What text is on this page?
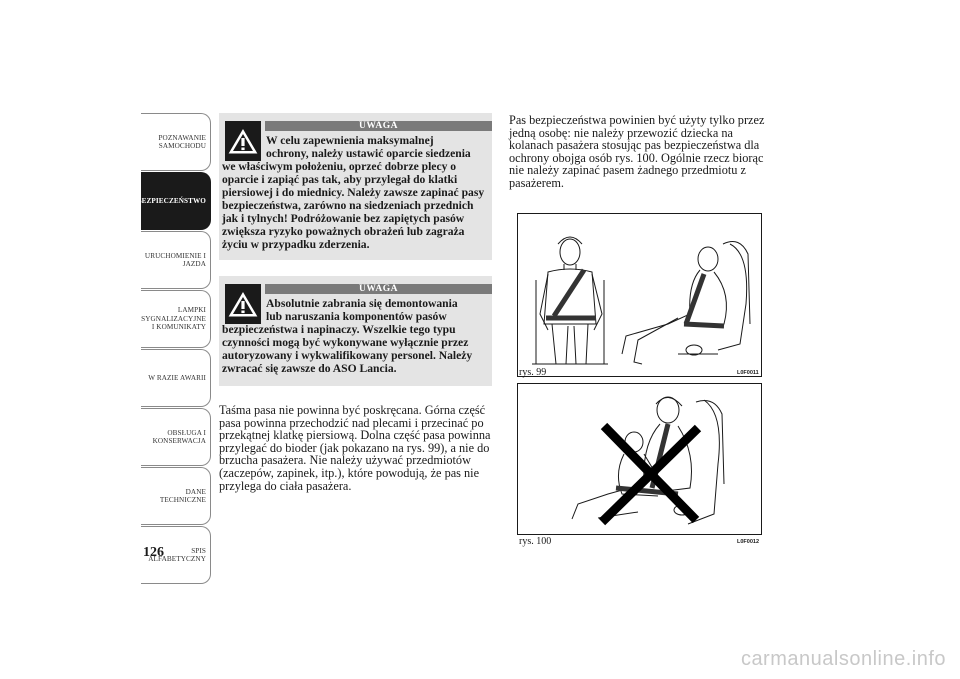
POZNAWANIE
SAMOCHODU
BEZPIECZEŃSTWO
URUCHOMIENIE I
JAZDA
LAMPKI
SYGNALIZACYJNE
I KOMUNIKATY
W RAZIE AWARII
OBSŁUGA I
KONSERWACJA
DANE
TECHNICZNE
SPIS
ALFABETYCZNY
126
UWAGA
W celu zapewnienia maksymalnej
ochrony, należy ustawić oparcie siedzenia
we właściwym położeniu, oprzeć dobrze plecy o oparcie i zapiąć pas tak, aby przylegał do klatki piersiowej i do miednicy. Należy zawsze zapinać pasy bezpieczeństwa, zarówno na siedzeniach przednich jak i tylnych! Podróżowanie bez zapiętych pasów zwiększa ryzyko poważnych obrażeń lub zagraża życiu w przypadku zderzenia.
UWAGA
Absolutnie zabrania się demontowania
lub naruszania komponentów pasów
bezpieczeństwa i napinaczy. Wszelkie tego typu czynności mogą być wykonywane wyłącznie przez autoryzowany i wykwalifikowany personel. Należy zwracać się zawsze do ASO Lancia.
Taśma pasa nie powinna być poskręcana. Górna część pasa powinna przechodzić nad plecami i przecinać po przekątnej klatkę piersiową. Dolna część pasa powinna przylegać do bioder (jak pokazano na rys. 99), a nie do brzucha pasażera. Nie należy używać przedmiotów (zaczepów, zapinek, itp.), które powodują, że pas nie przylega do ciała pasażera.
Pas bezpieczeństwa powinien być użyty tylko przez jedną osobę: nie należy przewozić dziecka na kolanach pasażera stosując pas bezpieczeństwa dla ochrony obojga osób rys. 100. Ogólnie rzecz biorąc nie należy zapinać pasem żadnego przedmiotu z pasażerem.
rys. 99	L0F0011
rys. 100	L0F0012
carmanualsonline.info
